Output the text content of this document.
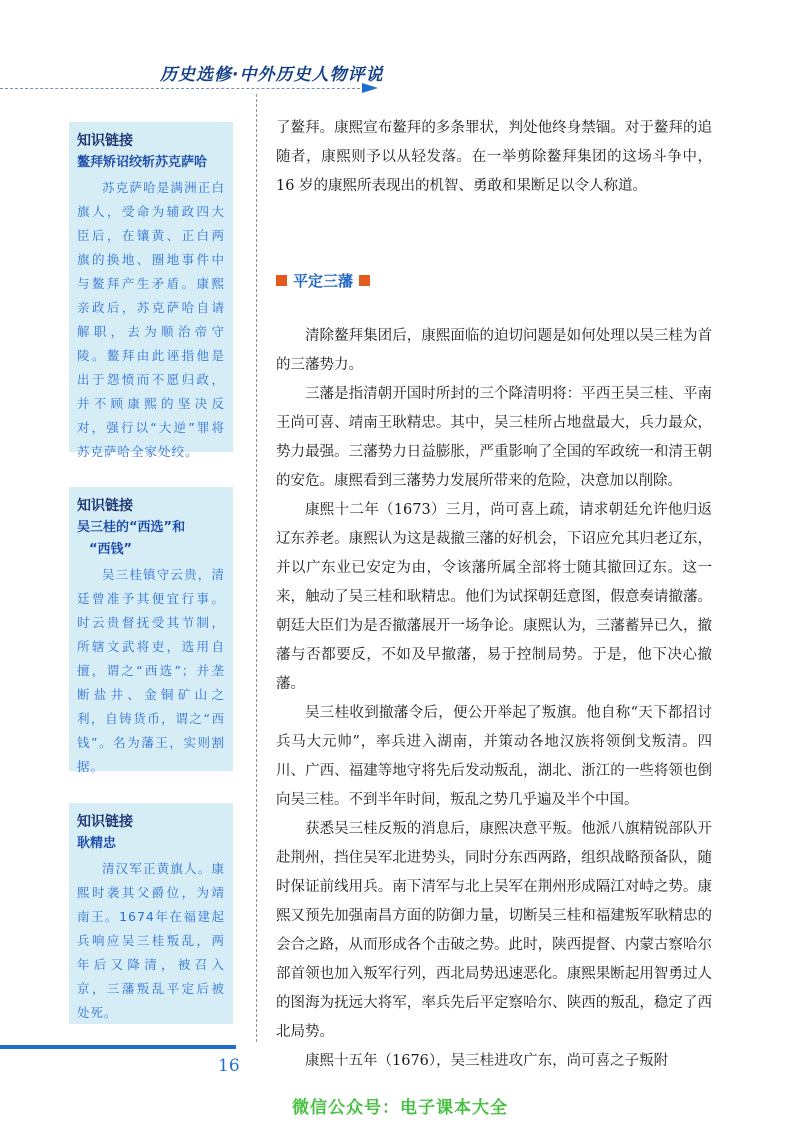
历史选修·中外历史人物评说
知识链接
鳌拜矫诏绞斩苏克萨哈
苏克萨哈是满洲正白旗人，受命为辅政四大臣后，在镶黄、正白两旗的换地、圈地事件中与鳌拜产生矛盾。康熙亲政后，苏克萨哈自请解职，去为顺治帝守陵。鳌拜由此诬指他是出于怨愤而不愿归政，并不顾康熙的坚决反对，强行以“大逆”罪将苏克萨哈全家处绞。
知识链接
吴三桂的“西选”和
“西钱”
吴三桂镇守云贵，清廷曾准予其便宜行事。时云贵督抚受其节制，所辖文武将吏，选用自擅，谓之“西选”；并垄断盐井、金铜矿山之利，自铸货币，谓之“西钱”。名为藩王，实则割据。
知识链接
耿精忠
清汉军正黄旗人。康熙时袭其父爵位，为靖南王。1674年在福建起兵响应吴三桂叛乱，两年后又降清，被召入京，三藩叛乱平定后被处死。

了鳌拜。康熙宣布鳌拜的多条罪状，判处他终身禁锢。对于鳌拜的追随者，康熙则予以从轻发落。在一举剪除鳌拜集团的这场斗争中，16 岁的康熙所表现出的机智、勇敢和果断足以令人称道。

平定三藩

清除鳌拜集团后，康熙面临的迫切问题是如何处理以吴三桂为首的三藩势力。

三藩是指清朝开国时所封的三个降清明将：平西王吴三桂、平南王尚可喜、靖南王耿精忠。其中，吴三桂所占地盘最大，兵力最众，势力最强。三藩势力日益膨胀，严重影响了全国的军政统一和清王朝的安危。康熙看到三藩势力发展所带来的危险，决意加以削除。

康熙十二年（1673）三月，尚可喜上疏，请求朝廷允许他归返辽东养老。康熙认为这是裁撤三藩的好机会，下诏应允其归老辽东，并以广东业已安定为由，令该藩所属全部将士随其撤回辽东。这一来，触动了吴三桂和耿精忠。他们为试探朝廷意图，假意奏请撤藩。朝廷大臣们为是否撤藩展开一场争论。康熙认为，三藩蓄异已久，撤藩与否都要反，不如及早撤藩，易于控制局势。于是，他下决心撤藩。

吴三桂收到撤藩令后，便公开举起了叛旗。他自称“天下都招讨兵马大元帅”，率兵进入湖南，并策动各地汉族将领倒戈叛清。四川、广西、福建等地守将先后发动叛乱，湖北、浙江的一些将领也倒向吴三桂。不到半年时间，叛乱之势几乎遍及半个中国。

获悉吴三桂反叛的消息后，康熙决意平叛。他派八旗精锐部队开赴荆州，挡住吴军北进势头，同时分东西两路，组织战略预备队，随时保证前线用兵。南下清军与北上吴军在荆州形成隔江对峙之势。康熙又预先加强南昌方面的防御力量，切断吴三桂和福建叛军耿精忠的会合之路，从而形成各个击破之势。此时，陕西提督、内蒙古察哈尔部首领也加入叛军行列，西北局势迅速恶化。康熙果断起用智勇过人的图海为抚远大将军，率兵先后平定察哈尔、陕西的叛乱，稳定了西北局势。

康熙十五年（1676），吴三桂进攻广东，尚可喜之子叛附

16
微信公众号：电子课本大全
